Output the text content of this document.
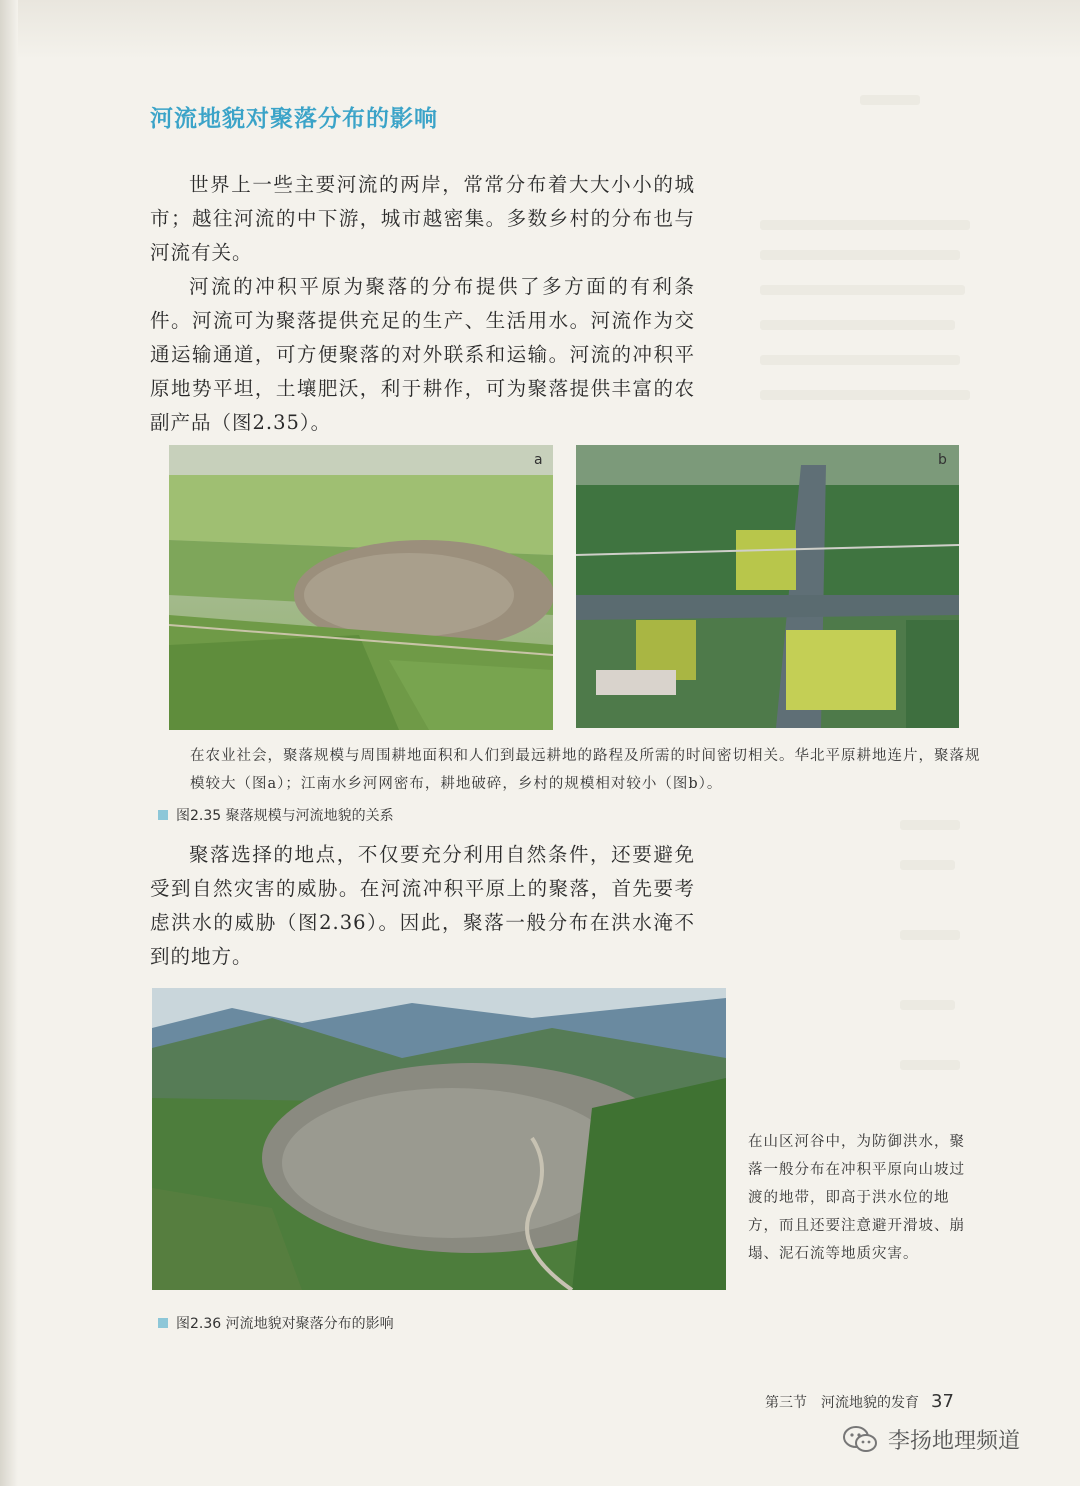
河流地貌对聚落分布的影响

世界上一些主要河流的两岸，常常分布着大大小小的城市；越往河流的中下游，城市越密集。多数乡村的分布也与河流有关。

河流的冲积平原为聚落的分布提供了多方面的有利条件。河流可为聚落提供充足的生产、生活用水。河流作为交通运输通道，可方便聚落的对外联系和运输。河流的冲积平原地势平坦，土壤肥沃，利于耕作，可为聚落提供丰富的农副产品（图2.35）。

a	b

在农业社会，聚落规模与周围耕地面积和人们到最远耕地的路程及所需的时间密切相关。华北平原耕地连片，聚落规模较大（图a）；江南水乡河网密布，耕地破碎，乡村的规模相对较小（图b）。

图2.35 聚落规模与河流地貌的关系

聚落选择的地点，不仅要充分利用自然条件，还要避免受到自然灾害的威胁。在河流冲积平原上的聚落，首先要考虑洪水的威胁（图2.36）。因此，聚落一般分布在洪水淹不到的地方。

在山区河谷中，为防御洪水，聚落一般分布在冲积平原向山坡过渡的地带，即高于洪水位的地方，而且还要注意避开滑坡、崩塌、泥石流等地质灾害。

图2.36 河流地貌对聚落分布的影响
第三节　河流地貌的发育 37
李扬地理频道
